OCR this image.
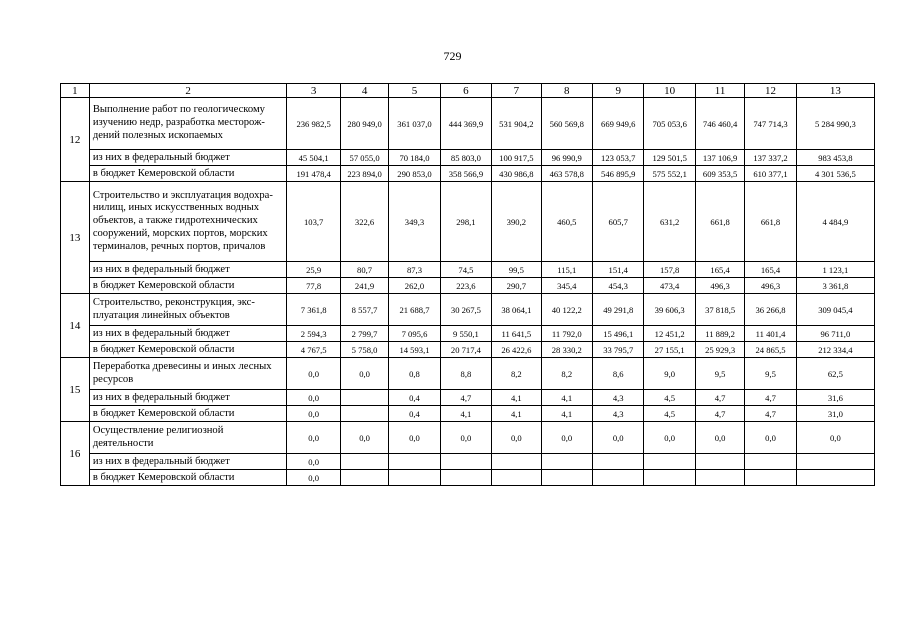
729
1	2	3	4	5	6	7	8	9	10	11	12	13
12	Выполнение работ по геологическому изучению недр, разработка месторож-дений полезных ископаемых	236 982,5	280 949,0	361 037,0	444 369,9	531 904,2	560 569,8	669 949,6	705 053,6	746 460,4	747 714,3	5 284 990,3
	из них в федеральный бюджет	45 504,1	57 055,0	70 184,0	85 803,0	100 917,5	96 990,9	123 053,7	129 501,5	137 106,9	137 337,2	983 453,8
	в бюджет Кемеровской области	191 478,4	223 894,0	290 853,0	358 566,9	430 986,8	463 578,8	546 895,9	575 552,1	609 353,5	610 377,1	4 301 536,5
13	Строительство и эксплуатация водохра-нилищ, иных искусственных водных объектов, а также гидротехнических сооружений, морских портов, морских терминалов, речных портов, причалов	103,7	322,6	349,3	298,1	390,2	460,5	605,7	631,2	661,8	661,8	4 484,9
	из них в федеральный бюджет	25,9	80,7	87,3	74,5	99,5	115,1	151,4	157,8	165,4	165,4	1 123,1
	в бюджет Кемеровской области	77,8	241,9	262,0	223,6	290,7	345,4	454,3	473,4	496,3	496,3	3 361,8
14	Строительство, реконструкция, экс-плуатация линейных объектов	7 361,8	8 557,7	21 688,7	30 267,5	38 064,1	40 122,2	49 291,8	39 606,3	37 818,5	36 266,8	309 045,4
	из них в федеральный бюджет	2 594,3	2 799,7	7 095,6	9 550,1	11 641,5	11 792,0	15 496,1	12 451,2	11 889,2	11 401,4	96 711,0
	в бюджет Кемеровской области	4 767,5	5 758,0	14 593,1	20 717,4	26 422,6	28 330,2	33 795,7	27 155,1	25 929,3	24 865,5	212 334,4
15	Переработка древесины и иных лесных ресурсов	0,0	0,0	0,8	8,8	8,2	8,2	8,6	9,0	9,5	9,5	62,5
	из них в федеральный бюджет	0,0		0,4	4,7	4,1	4,1	4,3	4,5	4,7	4,7	31,6
	в бюджет Кемеровской области	0,0		0,4	4,1	4,1	4,1	4,3	4,5	4,7	4,7	31,0
16	Осуществление религиозной деятельности	0,0	0,0	0,0	0,0	0,0	0,0	0,0	0,0	0,0	0,0	0,0
	из них в федеральный бюджет	0,0										
	в бюджет Кемеровской области	0,0										
